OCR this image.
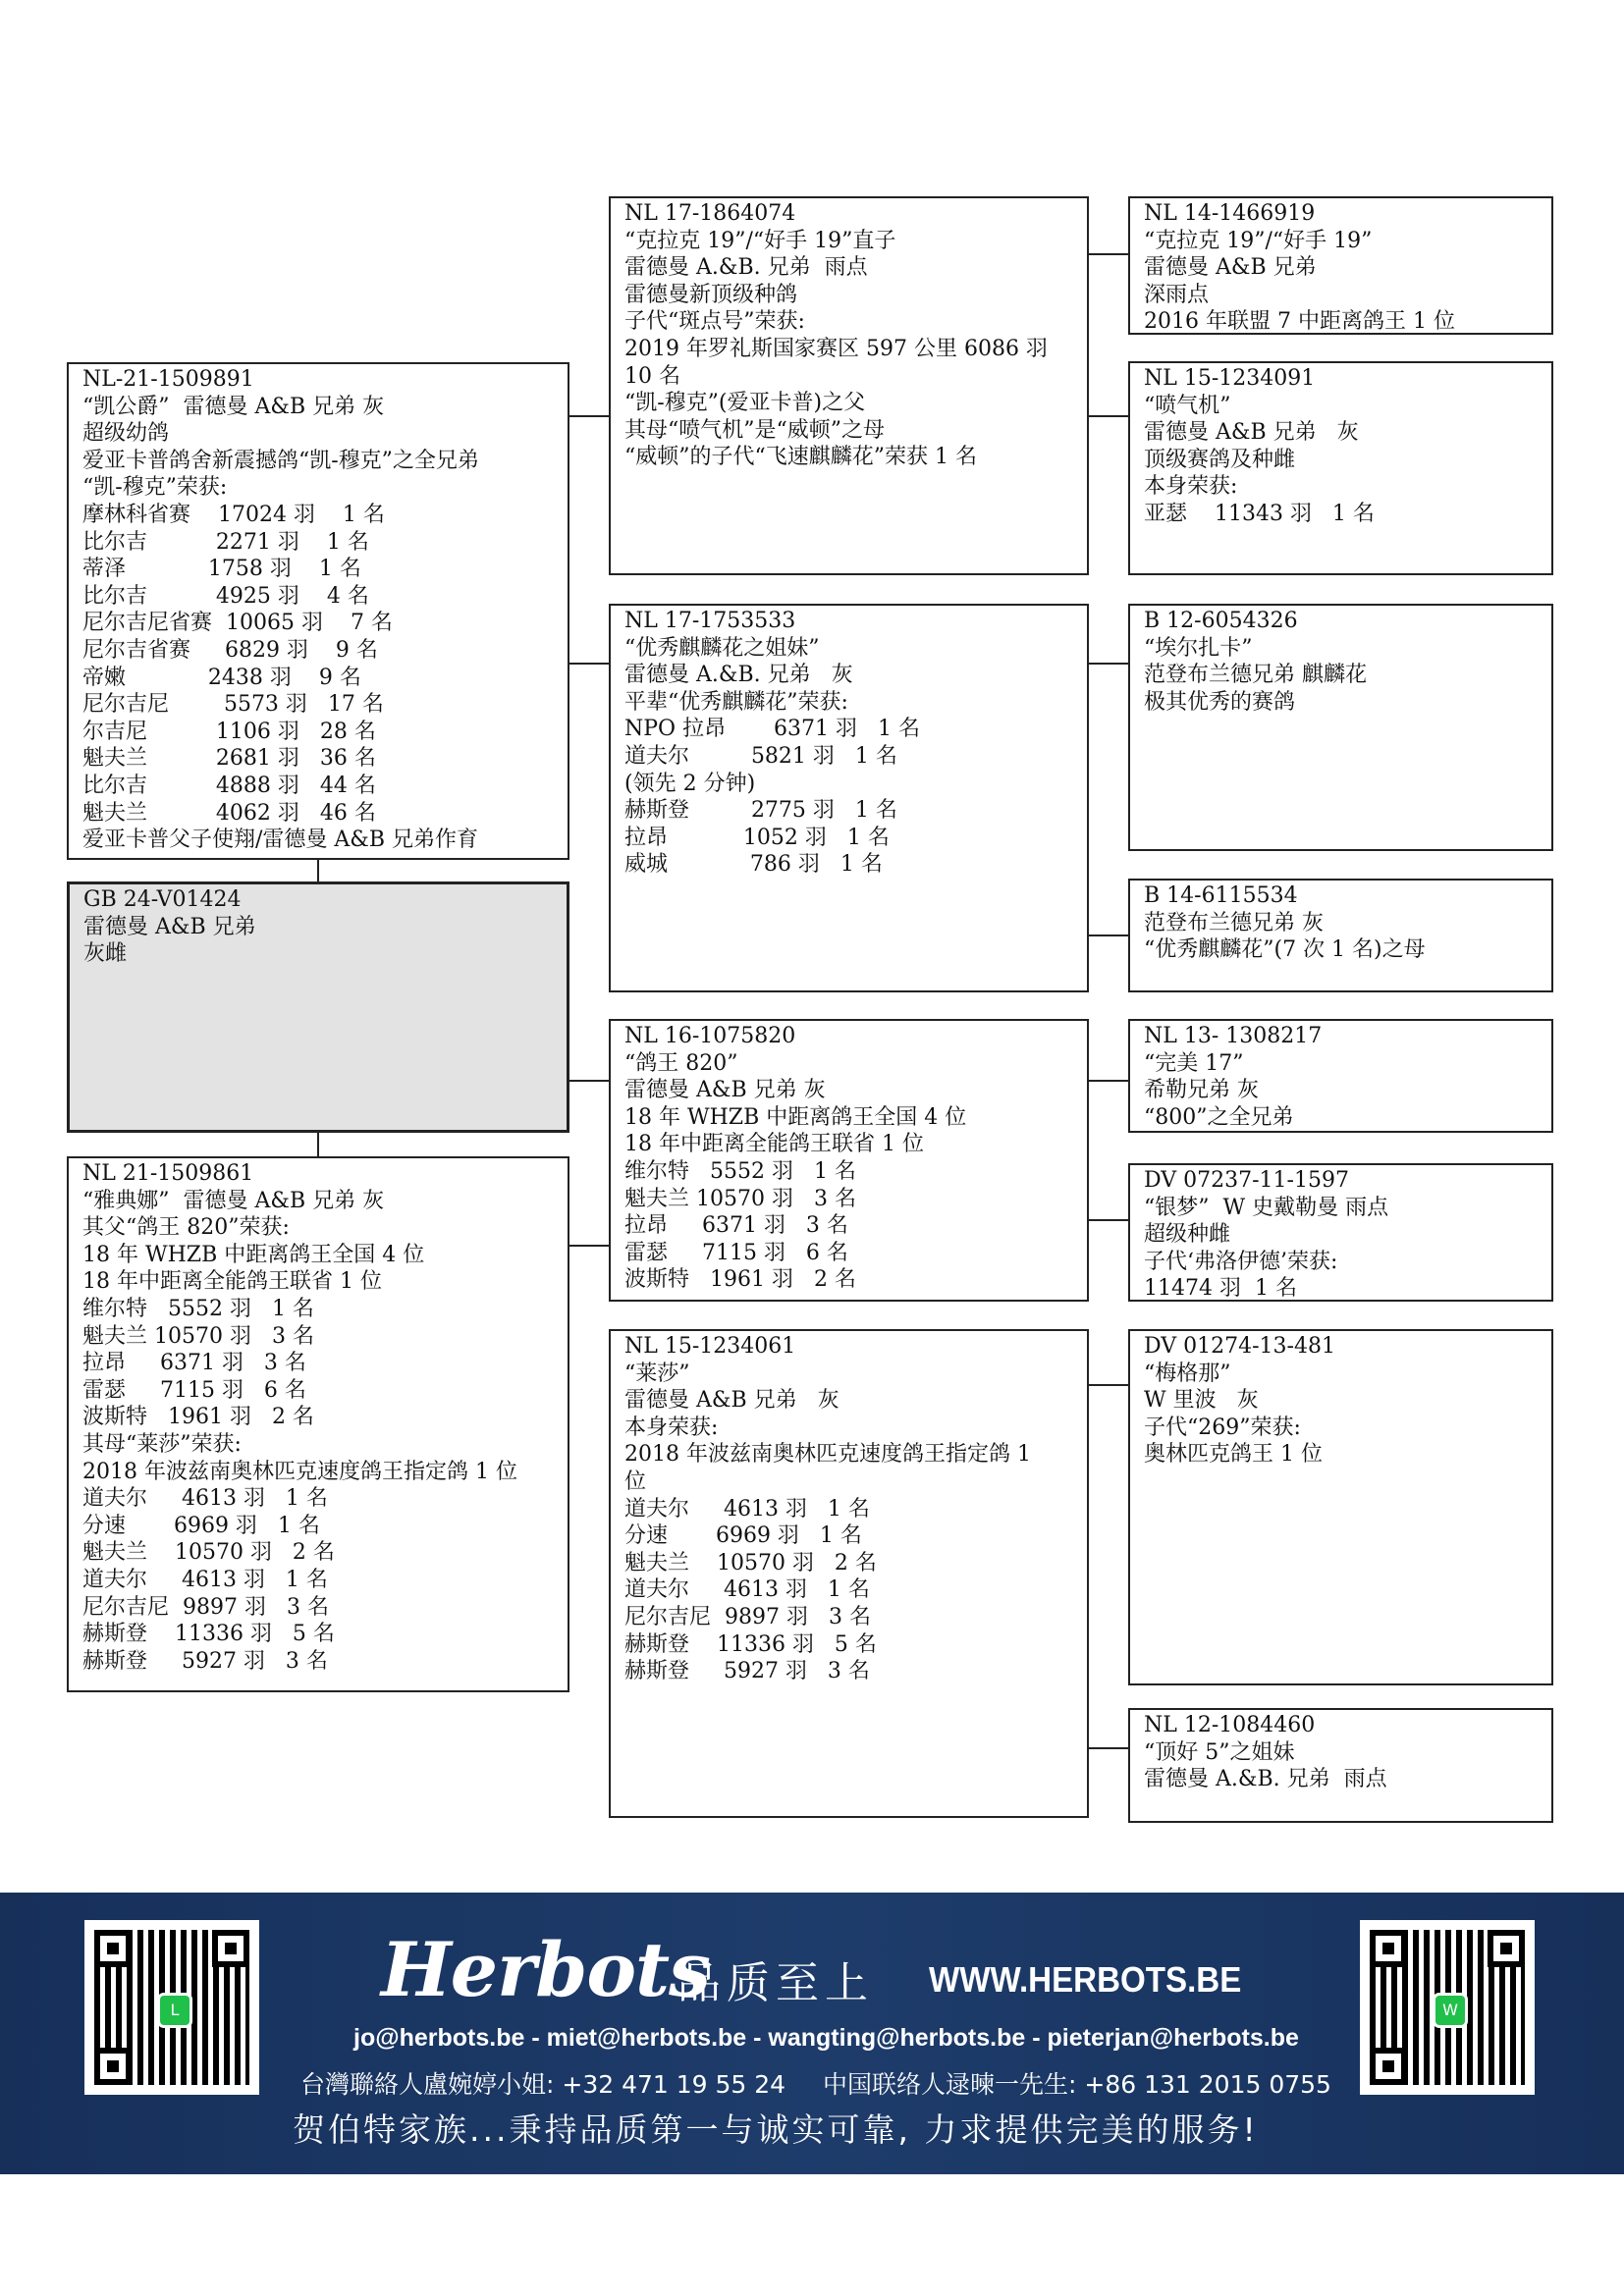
NL-21-1509891
“凯公爵”  雷德曼 A&B 兄弟 灰
超级幼鸽
爱亚卡普鸽舍新震撼鸽“凯-穆克”之全兄弟
“凯-穆克”荣获:
摩林科省赛    17024 羽    1 名
比尔吉          2271 羽    1 名
蒂泽            1758 羽    1 名
比尔吉          4925 羽    4 名
尼尔吉尼省赛  10065 羽    7 名
尼尔吉省赛     6829 羽    9 名
帝嫩            2438 羽    9 名
尼尔吉尼        5573 羽   17 名
尔吉尼          1106 羽   28 名
魁夫兰          2681 羽   36 名
比尔吉          4888 羽   44 名
魁夫兰          4062 羽   46 名
爱亚卡普父子使翔/雷德曼 A&B 兄弟作育
GB 24-V01424
雷德曼 A&B 兄弟
灰雌
NL 21-1509861
“雅典娜”  雷德曼 A&B 兄弟 灰
其父“鸽王 820”荣获:
18 年 WHZB 中距离鸽王全国 4 位
18 年中距离全能鸽王联省 1 位
维尔特   5552 羽   1 名
魁夫兰 10570 羽   3 名
拉昂     6371 羽   3 名
雷瑟     7115 羽   6 名
波斯特   1961 羽   2 名
其母“莱莎”荣获:
2018 年波兹南奥林匹克速度鸽王指定鸽 1 位
道夫尔     4613 羽   1 名
分速       6969 羽   1 名
魁夫兰    10570 羽   2 名
道夫尔     4613 羽   1 名
尼尔吉尼  9897 羽   3 名
赫斯登    11336 羽   5 名
赫斯登     5927 羽   3 名
NL 17-1864074
“克拉克 19”/“好手 19”直子
雷德曼 A.&B. 兄弟  雨点
雷德曼新顶级种鸽
子代“斑点号”荣获:
2019 年罗礼斯国家赛区 597 公里 6086 羽
10 名
“凯-穆克”(爱亚卡普)之父
其母“喷气机”是“威顿”之母
“威顿”的子代“飞速麒麟花”荣获 1 名
NL 17-1753533
“优秀麒麟花之姐妹”
雷德曼 A.&B. 兄弟   灰
平辈“优秀麒麟花”荣获:
NPO 拉昂       6371 羽   1 名
道夫尔         5821 羽   1 名
(领先 2 分钟)
赫斯登         2775 羽   1 名
拉昂           1052 羽   1 名
威城            786 羽   1 名
NL 16-1075820
“鸽王 820”
雷德曼 A&B 兄弟 灰
18 年 WHZB 中距离鸽王全国 4 位
18 年中距离全能鸽王联省 1 位
维尔特   5552 羽   1 名
魁夫兰 10570 羽   3 名
拉昂     6371 羽   3 名
雷瑟     7115 羽   6 名
波斯特   1961 羽   2 名
NL 15-1234061
“莱莎”
雷德曼 A&B 兄弟   灰
本身荣获:
2018 年波兹南奥林匹克速度鸽王指定鸽 1
位
道夫尔     4613 羽   1 名
分速       6969 羽   1 名
魁夫兰    10570 羽   2 名
道夫尔     4613 羽   1 名
尼尔吉尼  9897 羽   3 名
赫斯登    11336 羽   5 名
赫斯登     5927 羽   3 名
NL 14-1466919
“克拉克 19”/“好手 19”
雷德曼 A&B 兄弟
深雨点
2016 年联盟 7 中距离鸽王 1 位
NL 15-1234091
“喷气机”
雷德曼 A&B 兄弟   灰
顶级赛鸽及种雌
本身荣获:
亚瑟    11343 羽   1 名
B 12-6054326
“埃尔扎卡”
范登布兰德兄弟 麒麟花
极其优秀的赛鸽
B 14-6115534
范登布兰德兄弟 灰
“优秀麒麟花”(7 次 1 名)之母
NL 13- 1308217
“完美 17”
希勒兄弟 灰
“800”之全兄弟
DV 07237-11-1597
“银梦”  W 史戴勒曼 雨点
超级种雌
子代‘弗洛伊德’荣获:
11474 羽  1 名
DV 01274-13-481
“梅格那”
W 里波   灰
子代“269”荣获:
奥林匹克鸽王 1 位
NL 12-1084460
“顶好 5”之姐妹
雷德曼 A.&B. 兄弟  雨点
L	W
Herbots
品质至上 WWW.HERBOTS.BE
jo@herbots.be - miet@herbots.be - wangting@herbots.be - pieterjan@herbots.be
台灣聯絡人盧婉婷小姐: +32 471 19 55 24 中国联络人逯暕一先生: +86 131 2015 0755
贺伯特家族...秉持品质第一与诚实可靠, 力求提供完美的服务!
